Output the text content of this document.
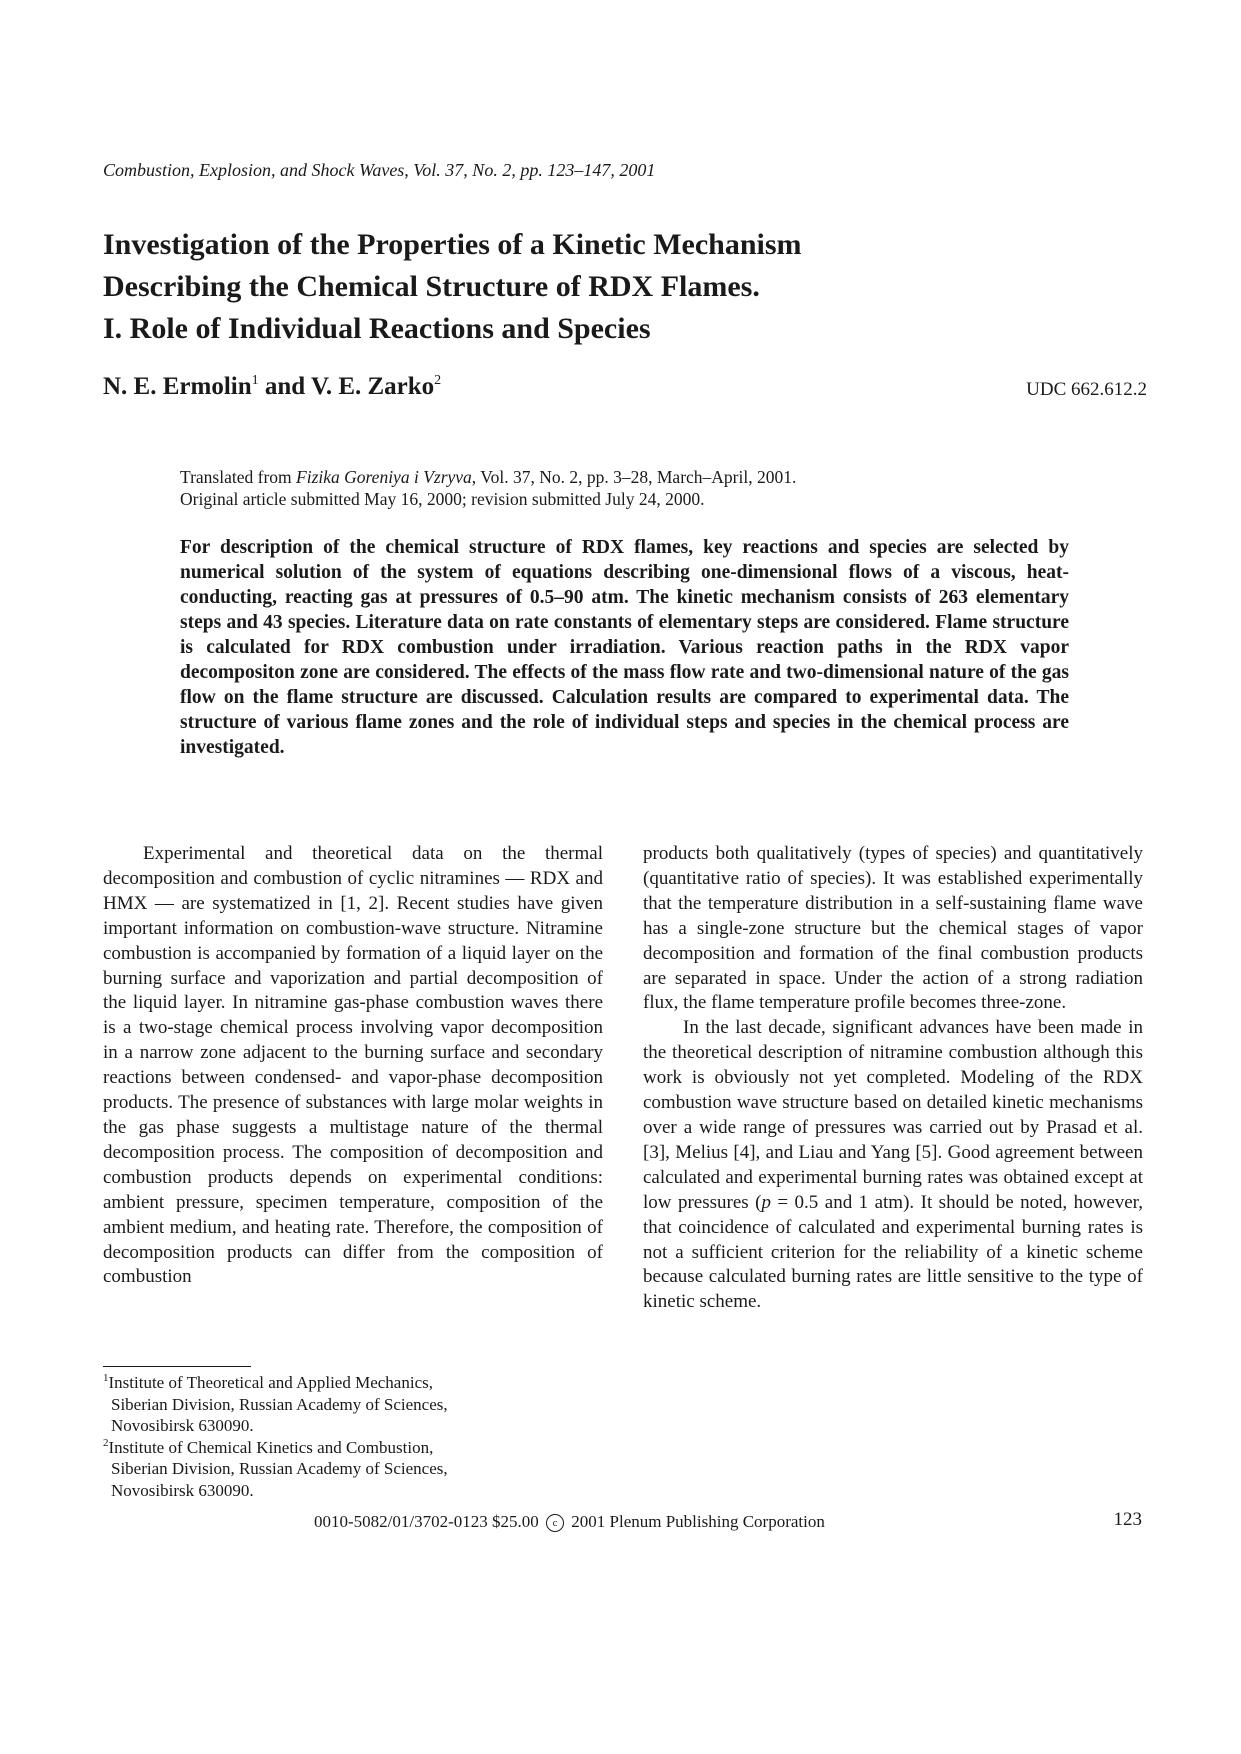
Combustion, Explosion, and Shock Waves, Vol. 37, No. 2, pp. 123–147, 2001
Investigation of the Properties of a Kinetic Mechanism
Describing the Chemical Structure of RDX Flames.
I. Role of Individual Reactions and Species
N. E. Ermolin$^1$ and V. E. Zarko$^2$	UDC 662.612.2
Translated from Fizika Goreniya i Vzryva, Vol. 37, No. 2, pp. 3–28, March–April, 2001.
Original article submitted May 16, 2000; revision submitted July 24, 2000.
For description of the chemical structure of RDX flames, key reactions and species are selected by numerical solution of the system of equations describing one-dimensional flows of a viscous, heat-conducting, reacting gas at pressures of 0.5–90 atm. The kinetic mechanism consists of 263 elementary steps and 43 species. Literature data on rate constants of elementary steps are considered. Flame structure is calculated for RDX combustion under irradiation. Various reaction paths in the RDX vapor decompositon zone are considered. The effects of the mass flow rate and two-dimensional nature of the gas flow on the flame structure are discussed. Calculation results are compared to experimental data. The structure of various flame zones and the role of individual steps and species in the chemical process are investigated.

Experimental and theoretical data on the thermal decomposition and combustion of cyclic nitramines — RDX and HMX — are systematized in [1, 2]. Recent studies have given important information on combustion-wave structure. Nitramine combustion is accompanied by formation of a liquid layer on the burning surface and vaporization and partial decomposition of the liquid layer. In nitramine gas-phase combustion waves there is a two-stage chemical process involving vapor decomposition in a narrow zone adjacent to the burning surface and secondary reactions between condensed- and vapor-phase decomposition products. The presence of substances with large molar weights in the gas phase suggests a multistage nature of the thermal decomposition process. The composition of decomposition and combustion products depends on experimental conditions: ambient pressure, specimen temperature, composition of the ambient medium, and heating rate. Therefore, the composition of decomposition products can differ from the composition of combustion

products both qualitatively (types of species) and quantitatively (quantitative ratio of species). It was established experimentally that the temperature distribution in a self-sustaining flame wave has a single-zone structure but the chemical stages of vapor decomposition and formation of the final combustion products are separated in space. Under the action of a strong radiation flux, the flame temperature profile becomes three-zone.

In the last decade, significant advances have been made in the theoretical description of nitramine combustion although this work is obviously not yet completed. Modeling of the RDX combustion wave structure based on detailed kinetic mechanisms over a wide range of pressures was carried out by Prasad et al. [3], Melius [4], and Liau and Yang [5]. Good agreement between calculated and experimental burning rates was obtained except at low pressures (p = 0.5 and 1 atm). It should be noted, however, that coincidence of calculated and experimental burning rates is not a sufficient criterion for the reliability of a kinetic scheme because calculated burning rates are little sensitive to the type of kinetic scheme.

$^1$Institute of Theoretical and Applied Mechanics,
Siberian Division, Russian Academy of Sciences,
Novosibirsk 630090.
$^2$Institute of Chemical Kinetics and Combustion,
Siberian Division, Russian Academy of Sciences,
Novosibirsk 630090.
0010-5082/01/3702-0123 $25.00 c 2001 Plenum Publishing Corporation	123
